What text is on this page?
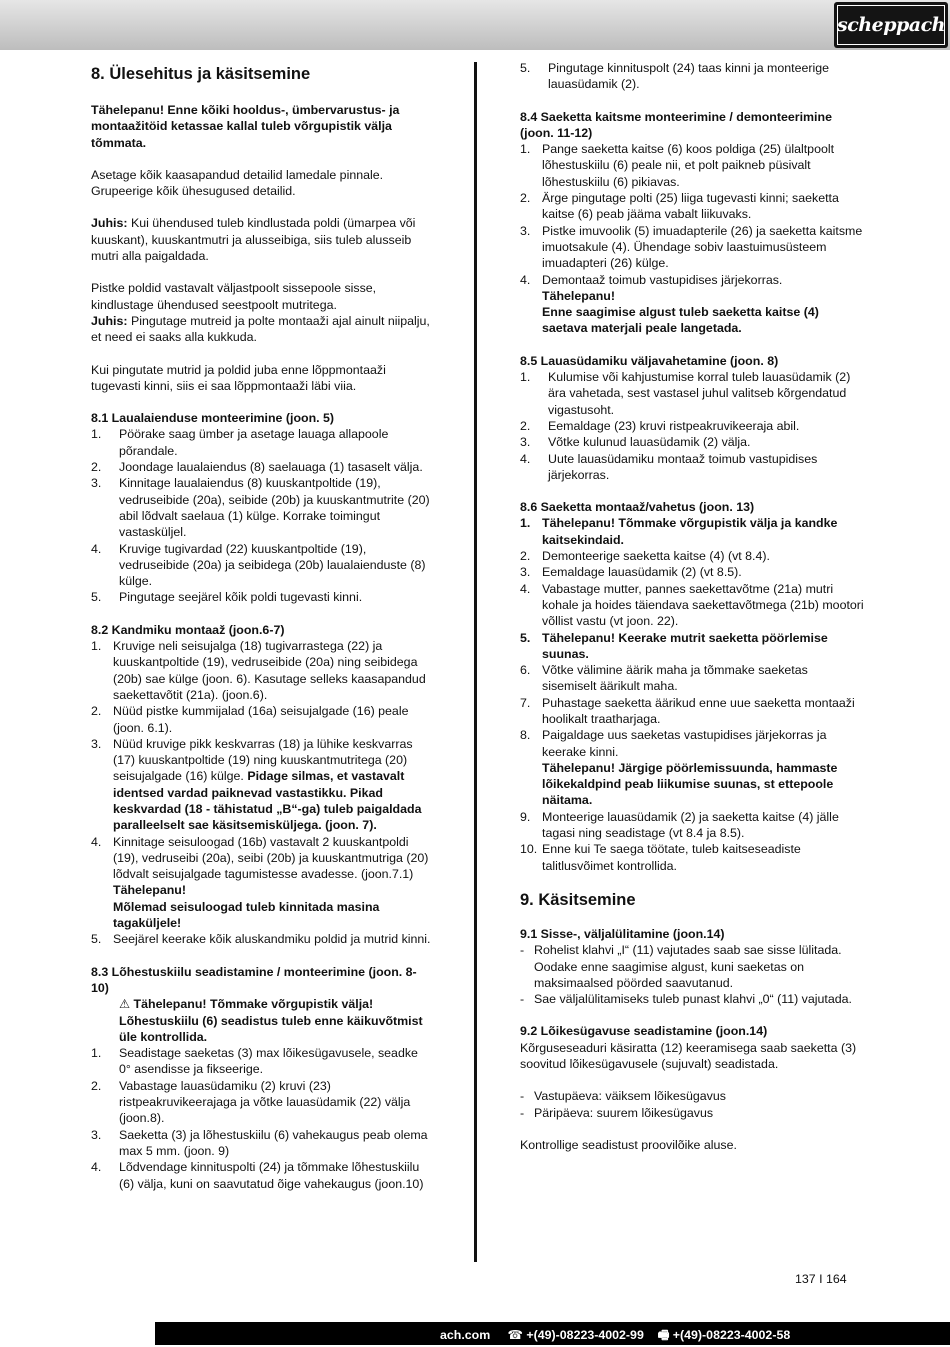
scheppach
8. Ülesehitus ja käsitsemine

Tähelepanu! Enne kõiki hooldus-, ümbervarustus- ja montaažitöid ketassae kallal tuleb võrgupistik välja tõmmata.

Asetage kõik kaasapandud detailid lamedale pinnale. Grupeerige kõik ühesugused detailid.

Juhis: Kui ühendused tuleb kindlustada poldi (ümarpea või kuuskant), kuuskantmutri ja alusseibiga, siis tuleb alusseib mutri alla paigaldada.

Pistke poldid vastavalt väljastpoolt sissepoole sisse, kindlustage ühendused seestpoolt mutritega.
Juhis: Pingutage mutreid ja polte montaaži ajal ainult niipalju, et need ei saaks alla kukkuda.

Kui pingutate mutrid ja poldid juba enne lõppmontaaži tugevasti kinni, siis ei saa lõppmontaaži läbi viia.

8.1 Laualaienduse monteerimine (joon. 5)
1.	Pöörake saag ümber ja asetage lauaga allapoole põrandale.
2.	Joondage laualaiendus (8) saelauaga (1) tasaselt välja.
3.	Kinnitage laualaiendus (8) kuuskantpoltide (19), vedruseibide (20a), seibide (20b) ja kuuskantmutrite (20) abil lõdvalt saelaua (1) külge. Korrake toimingut vastasküljel.
4.	Kruvige tugivardad (22) kuuskantpoltide (19), vedruseibide (20a) ja seibidega (20b) laualaienduste (8) külge.
5.	Pingutage seejärel kõik poldi tugevasti kinni.
8.2 Kandmiku montaaž (joon.6-7)
1. Kruvige neli seisujalga (18) tugivarrastega (22) ja kuuskantpoltide (19), vedruseibide (20a) ning seibidega (20b) sae külge (joon. 6). Kasutage selleks kaasapandud saekettavõtit (21a). (joon.6).
2. Nüüd pistke kummijalad (16a) seisujalgade (16) peale (joon. 6.1).
3. Nüüd kruvige pikk keskvarras (18) ja lühike keskvarras (17) kuuskantpoltide (19) ning kuuskantmutritega (20) seisujalgade (16) külge. Pidage silmas, et vastavalt identsed vardad paiknevad vastastikku. Pikad keskvardad (18 - tähistatud „B“-ga) tuleb paigaldada paralleelselt sae käsitsemisküljega. (joon. 7).
4. Kinnitage seisuloogad (16b) vastavalt 2 kuuskantpoldi (19), vedruseibi (20a), seibi (20b) ja kuuskantmutriga (20) lõdvalt seisujalgade tagumistesse avadesse. (joon.7.1)
Tähelepanu!
Mõlemad seisuloogad tuleb kinnitada masina tagaküljele!
5. Seejärel keerake kõik aluskandmiku poldid ja mutrid kinni.
8.3 Lõhestuskiilu seadistamine / monteerimine (joon. 8-10)
⚠ Tähelepanu! Tõmmake võrgupistik välja!
Lõhestuskiilu (6) seadistus tuleb enne käikuvõtmist üle kontrollida.
1.	Seadistage saeketas (3) max lõikesügavusele, seadke 0° asendisse ja fikseerige.
2.	Vabastage lauasüdamiku (2) kruvi (23) ristpeakruvikeerajaga ja võtke lauasüdamik (22) välja (joon.8).
3.	Saeketta (3) ja lõhestuskiilu (6) vahekaugus peab olema max 5 mm. (joon. 9)
4.	Lõdvendage kinnituspolti (24) ja tõmmake lõhestuskiilu (6) välja, kuni on saavutatud õige vahekaugus (joon.10)
5.	Pingutage kinnituspolt (24) taas kinni ja monteerige lauasüdamik (2).
8.4 Saeketta kaitsme monteerimine / demonteerimine (joon. 11-12)
1. Pange saeketta kaitse (6) koos poldiga (25) ülaltpoolt lõhestuskiilu (6) peale nii, et polt paikneb püsivalt lõhestuskiilu (6) pikiavas.
2. Ärge pingutage polti (25) liiga tugevasti kinni; saeketta kaitse (6) peab jääma vabalt liikuvaks.
3. Pistke imuvoolik (5) imuadapterile (26) ja saeketta kaitsme imuotsakule (4). Ühendage sobiv laastuimusüsteem imuadapteri (26) külge.
4. Demontaaž toimub vastupidises järjekorras.
Tähelepanu!
Enne saagimise algust tuleb saeketta kaitse (4) saetava materjali peale langetada.
8.5 Lauasüdamiku väljavahetamine (joon. 8)
1.	Kulumise või kahjustumise korral tuleb lauasüdamik (2) ära vahetada, sest vastasel juhul valitseb kõrgendatud vigastusoht.
2.	Eemaldage (23) kruvi ristpeakruvikeeraja abil.
3.	Võtke kulunud lauasüdamik (2) välja.
4.	Uute lauasüdamiku montaaž toimub vastupidises järjekorras.
8.6 Saeketta montaaž/vahetus (joon. 13)
1. Tähelepanu! Tõmmake võrgupistik välja ja kandke kaitsekindaid.
2. Demonteerige saeketta kaitse (4) (vt 8.4).
3. Eemaldage lauasüdamik (2) (vt 8.5).
4. Vabastage mutter, pannes saekettavõtme (21a) mutri kohale ja hoides täiendava saekettavõtmega (21b) mootori võllist vastu (vt joon. 22).
5. Tähelepanu! Keerake mutrit saeketta pöörlemise suunas.
6. Võtke välimine äärik maha ja tõmmake saeketas sisemiselt äärikult maha.
7. Puhastage saeketta äärikud enne uue saeketta montaaži hoolikalt traatharjaga.
8. Paigaldage uus saeketas vastupidises järjekorras ja keerake kinni.
Tähelepanu! Järgige pöörlemissuunda, hammaste lõikekaldpind peab liikumise suunas, st ettepoole näitama.
9. Monteerige lauasüdamik (2) ja saeketta kaitse (4) jälle tagasi ning seadistage (vt 8.4 ja 8.5).
10. Enne kui Te saega töötate, tuleb kaitseseadiste talitlusvõimet kontrollida.
9. Käsitsemine
9.1 Sisse-, väljalülitamine (joon.14)
- Rohelist klahvi „I“ (11) vajutades saab sae sisse lülitada. Oodake enne saagimise algust, kuni saeketas on maksimaalsed pöörded saavutanud.
- Sae väljalülitamiseks tuleb punast klahvi „0“ (11) vajutada.
9.2 Lõikesügavuse seadistamine (joon.14)

Kõrguseseaduri käsiratta (12) keeramisega saab saeketta (3) soovitud lõikesügavusele (sujuvalt) seadistada.

- Vastupäeva: väiksem lõikesügavus
- Päripäeva: suurem lõikesügavus

Kontrollige seadistust proovilõike aluse.

137 I 164
ach.com ☎ +(49)-08223-4002-99 🖷 +(49)-08223-4002-58
